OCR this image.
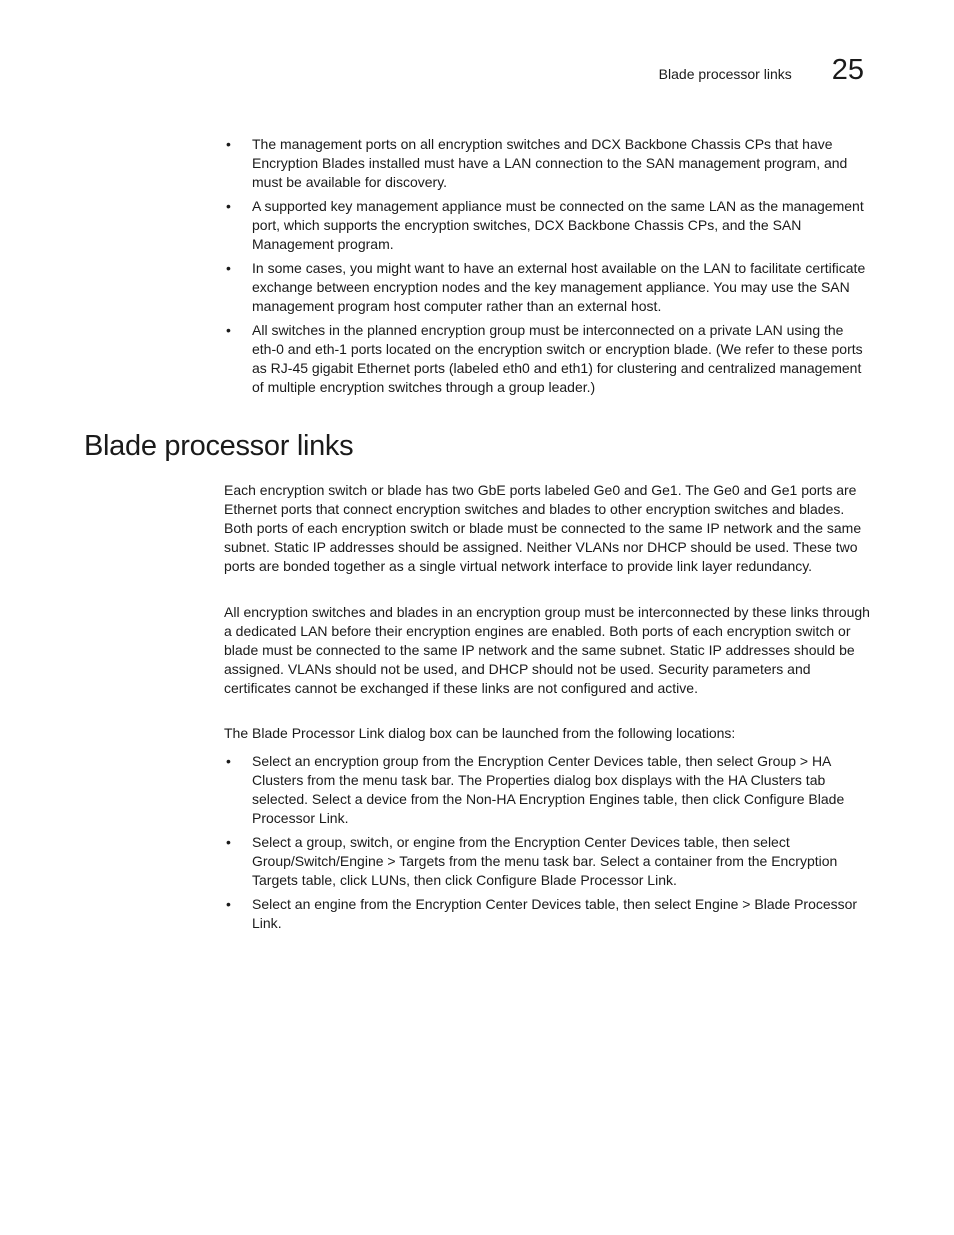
Blade processor links 25
• The management ports on all encryption switches and DCX Backbone Chassis CPs that have Encryption Blades installed must have a LAN connection to the SAN management program, and must be available for discovery.
• A supported key management appliance must be connected on the same LAN as the management port, which supports the encryption switches, DCX Backbone Chassis CPs, and the SAN Management program.
• In some cases, you might want to have an external host available on the LAN to facilitate certificate exchange between encryption nodes and the key management appliance. You may use the SAN management program host computer rather than an external host.
• All switches in the planned encryption group must be interconnected on a private LAN using the eth-0 and eth-1 ports located on the encryption switch or encryption blade. (We refer to these ports as RJ-45 gigabit Ethernet ports (labeled eth0 and eth1) for clustering and centralized management of multiple encryption switches through a group leader.)
Blade processor links

Each encryption switch or blade has two GbE ports labeled Ge0 and Ge1. The Ge0 and Ge1 ports are Ethernet ports that connect encryption switches and blades to other encryption switches and blades. Both ports of each encryption switch or blade must be connected to the same IP network and the same subnet. Static IP addresses should be assigned. Neither VLANs nor DHCP should be used. These two ports are bonded together as a single virtual network interface to provide link layer redundancy.

All encryption switches and blades in an encryption group must be interconnected by these links through a dedicated LAN before their encryption engines are enabled. Both ports of each encryption switch or blade must be connected to the same IP network and the same subnet. Static IP addresses should be assigned. VLANs should not be used, and DHCP should not be used. Security parameters and certificates cannot be exchanged if these links are not configured and active.

The Blade Processor Link dialog box can be launched from the following locations:

• Select an encryption group from the Encryption Center Devices table, then select Group > HA Clusters from the menu task bar. The Properties dialog box displays with the HA Clusters tab selected. Select a device from the Non-HA Encryption Engines table, then click Configure Blade Processor Link.
• Select a group, switch, or engine from the Encryption Center Devices table, then select Group/Switch/Engine > Targets from the menu task bar. Select a container from the Encryption Targets table, click LUNs, then click Configure Blade Processor Link.
• Select an engine from the Encryption Center Devices table, then select Engine > Blade Processor Link.
